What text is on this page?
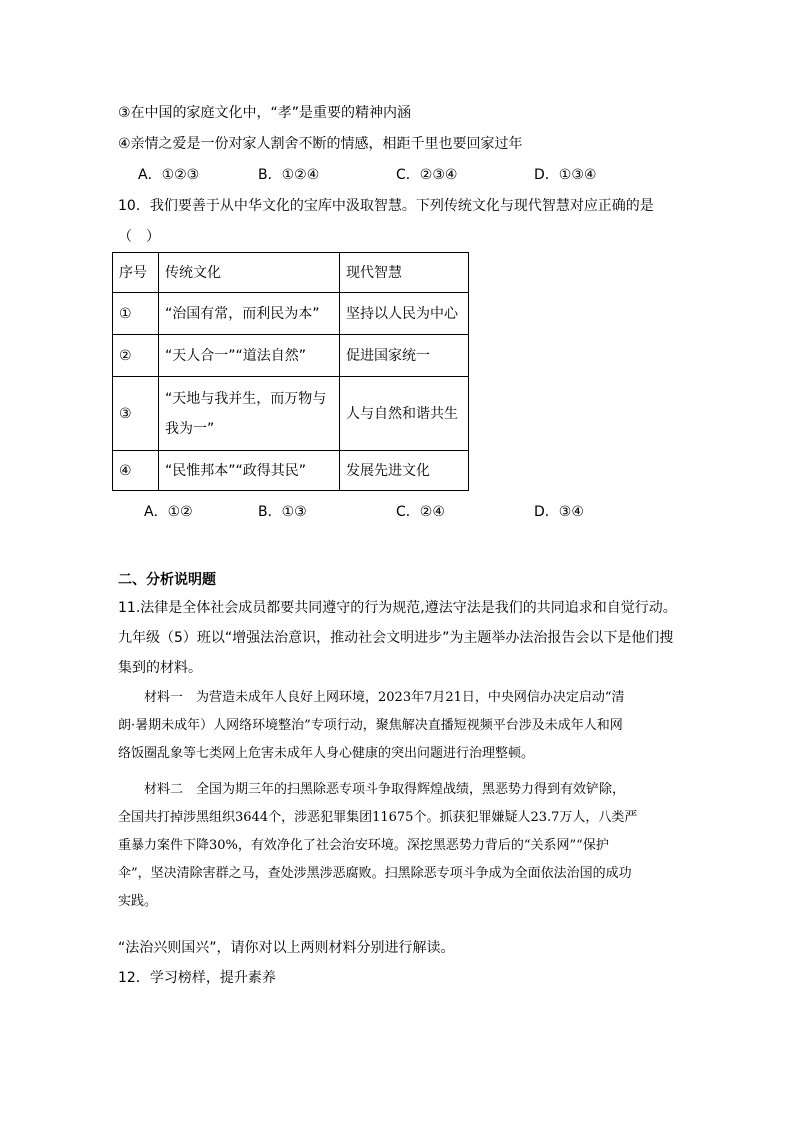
③在中国的家庭文化中，“孝”是重要的精神内涵
④亲情之爱是一份对家人割舍不断的情感，相距千里也要回家过年
A．①②③	B．①②④	C．②③④	D．①③④
10．我们要善于从中华文化的宝库中汲取智慧。下列传统文化与现代智慧对应正确的是
（　）
序号	传统文化	现代智慧
①	“治国有常，而利民为本”	坚持以人民为中心
②	“天人合一”“道法自然”	促进国家统一
③	“天地与我并生，而万物与
我为一”	人与自然和谐共生
④	“民惟邦本”“政得其民”	发展先进文化
A．①②	B．①③	C．②④	D．③④
二、分析说明题
11.法律是全体社会成员都要共同遵守的行为规范,遵法守法是我们的共同追求和自觉行动。
九年级（5）班以“增强法治意识，推动社会文明进步”为主题举办法治报告会以下是他们搜
集到的材料。

材料一　为营造未成年人良好上网环境，2023年7月21日，中央网信办决定启动“清

朗·暑期未成年）人网络环境整治”专项行动，聚焦解决直播短视频平台涉及未成年人和网

络饭圈乱象等七类网上危害未成年人身心健康的突出问题进行治理整顿。

材料二　全国为期三年的扫黑除恶专项斗争取得辉煌战绩，黑恶势力得到有效铲除，

全国共打掉涉黑组织3644个，涉恶犯罪集团11675个。抓获犯罪嫌疑人23.7万人，八类严

重暴力案件下降30%，有效净化了社会治安环境。深挖黑恶势力背后的“关系网”“保护

伞”，坚决清除害群之马，查处涉黑涉恶腐败。扫黑除恶专项斗争成为全面依法治国的成功

实践。

“法治兴则国兴”，请你对以上两则材料分别进行解读。
12．学习榜样，提升素养
